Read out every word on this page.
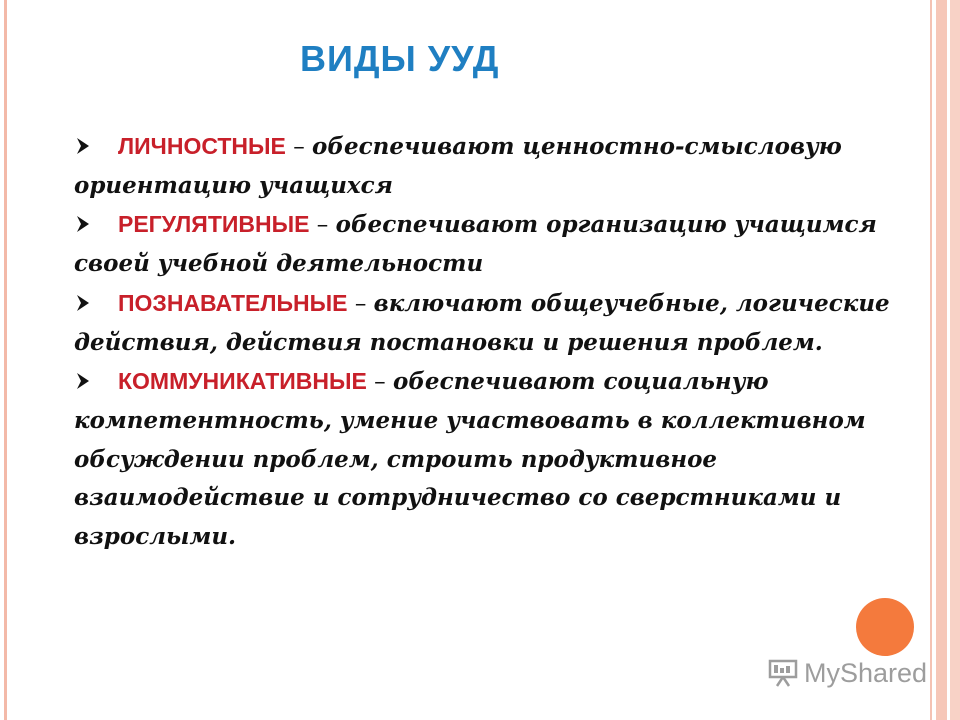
ВИДЫ УУД

ЛИЧНОСТНЫЕ – обеспечивают ценностно-смысловую ориентацию учащихся

РЕГУЛЯТИВНЫЕ – обеспечивают организацию учащимся своей учебной деятельности

ПОЗНАВАТЕЛЬНЫЕ – включают общеучебные, логические действия, действия постановки и решения проблем.

КОММУНИКАТИВНЫЕ – обеспечивают социальную компетентность, умение участвовать в коллективном обсуждении проблем, строить продуктивное взаимодействие и сотрудничество со сверстниками и взрослыми.

MyShared
